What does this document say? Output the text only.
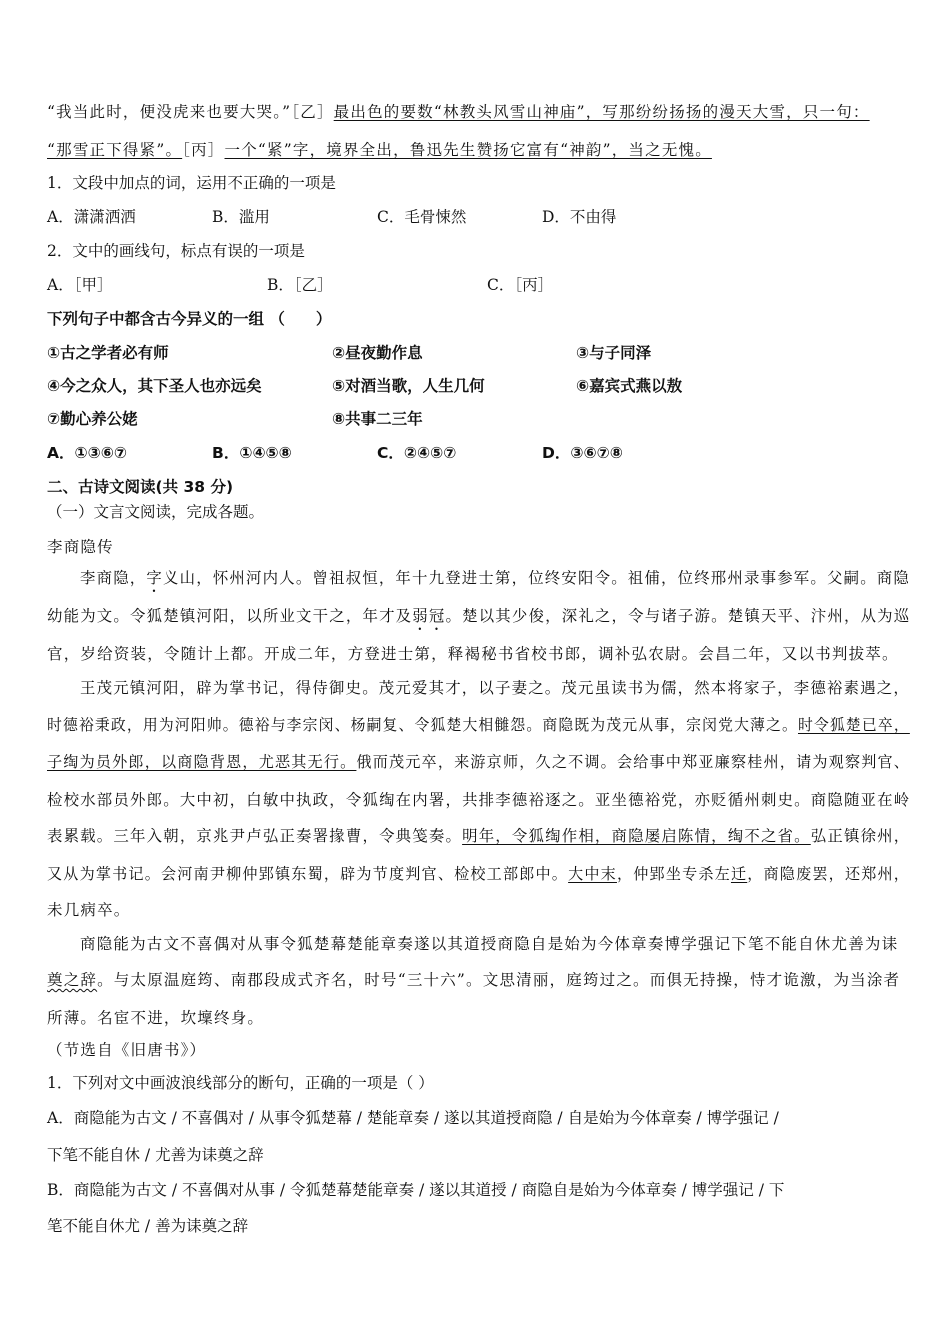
“我当此时，便没虎来也要大哭。”［乙］最出色的要数“林教头风雪山神庙”，写那纷纷扬扬的漫天大雪，只一句：
“那雪正下得紧”。［丙］一个“紧”字，境界全出，鲁迅先生赞扬它富有“神韵”，当之无愧。
1．文段中加点的词，运用不正确的一项是
A．潇潇洒洒	B．滥用	C．毛骨悚然	D．不由得
2．文中的画线句，标点有误的一项是
A．［甲］	B．［乙］	C．［丙］
下列句子中都含古今异义的一组 （　　）
①古之学者必有师	②昼夜勤作息	③与子同泽
④今之众人，其下圣人也亦远矣	⑤对酒当歌，人生几何	⑥嘉宾式燕以敖
⑦勤心养公姥	⑧共事二三年
A．①③⑥⑦	B．①④⑤⑧	C．②④⑤⑦	D．③⑥⑦⑧
二、古诗文阅读(共 38 分)
（一）文言文阅读，完成各题。
李商隐传
李商隐，字义山，怀州河内人。曾祖叔恒，年十九登进士第，位终安阳令。祖俌，位终邢州录事参军。父嗣。商隐
幼能为文。令狐楚镇河阳，以所业文干之，年才及弱冠。楚以其少俊，深礼之，令与诸子游。楚镇天平、汴州，从为巡
官，岁给资装，令随计上都。开成二年，方登进士第，释褐秘书省校书郎，调补弘农尉。会昌二年，又以书判拔萃。
王茂元镇河阳，辟为掌书记，得侍御史。茂元爱其才，以子妻之。茂元虽读书为儒，然本将家子，李德裕素遇之，
时德裕秉政，用为河阳帅。德裕与李宗闵、杨嗣复、令狐楚大相雠怨。商隐既为茂元从事，宗闵党大薄之。时令狐楚已卒，
子绹为员外郎，以商隐背恩，尤恶其无行。俄而茂元卒，来游京师，久之不调。会给事中郑亚廉察桂州，请为观察判官、
检校水部员外郎。大中初，白敏中执政，令狐绹在内署，共排李德裕逐之。亚坐德裕党，亦贬循州刺史。商隐随亚在岭
表累载。三年入朝，京兆尹卢弘正奏署掾曹，令典笺奏。明年，令狐绹作相，商隐屡启陈情，绹不之省。弘正镇徐州，
又从为掌书记。会河南尹柳仲郢镇东蜀，辟为节度判官、检校工部郎中。大中末，仲郢坐专杀左迁，商隐废罢，还郑州，
未几病卒。
商隐能为古文不喜偶对从事令狐楚幕楚能章奏遂以其道授商隐自是始为今体章奏博学强记下笔不能自休尤善为诔
奠之辞。与太原温庭筠、南郡段成式齐名，时号“三十六”。文思清丽，庭筠过之。而俱无持操，恃才诡激，为当涂者
所薄。名宦不进，坎壈终身。
（节选自《旧唐书》）
1．下列对文中画波浪线部分的断句，正确的一项是（ ）
A．商隐能为古文 / 不喜偶对 / 从事令狐楚幕 / 楚能章奏 / 遂以其道授商隐 / 自是始为今体章奏 / 博学强记 /
下笔不能自休 / 尤善为诔奠之辞
B．商隐能为古文 / 不喜偶对从事 / 令狐楚幕楚能章奏 / 遂以其道授 / 商隐自是始为今体章奏 / 博学强记 / 下
笔不能自休尤 / 善为诔奠之辞
